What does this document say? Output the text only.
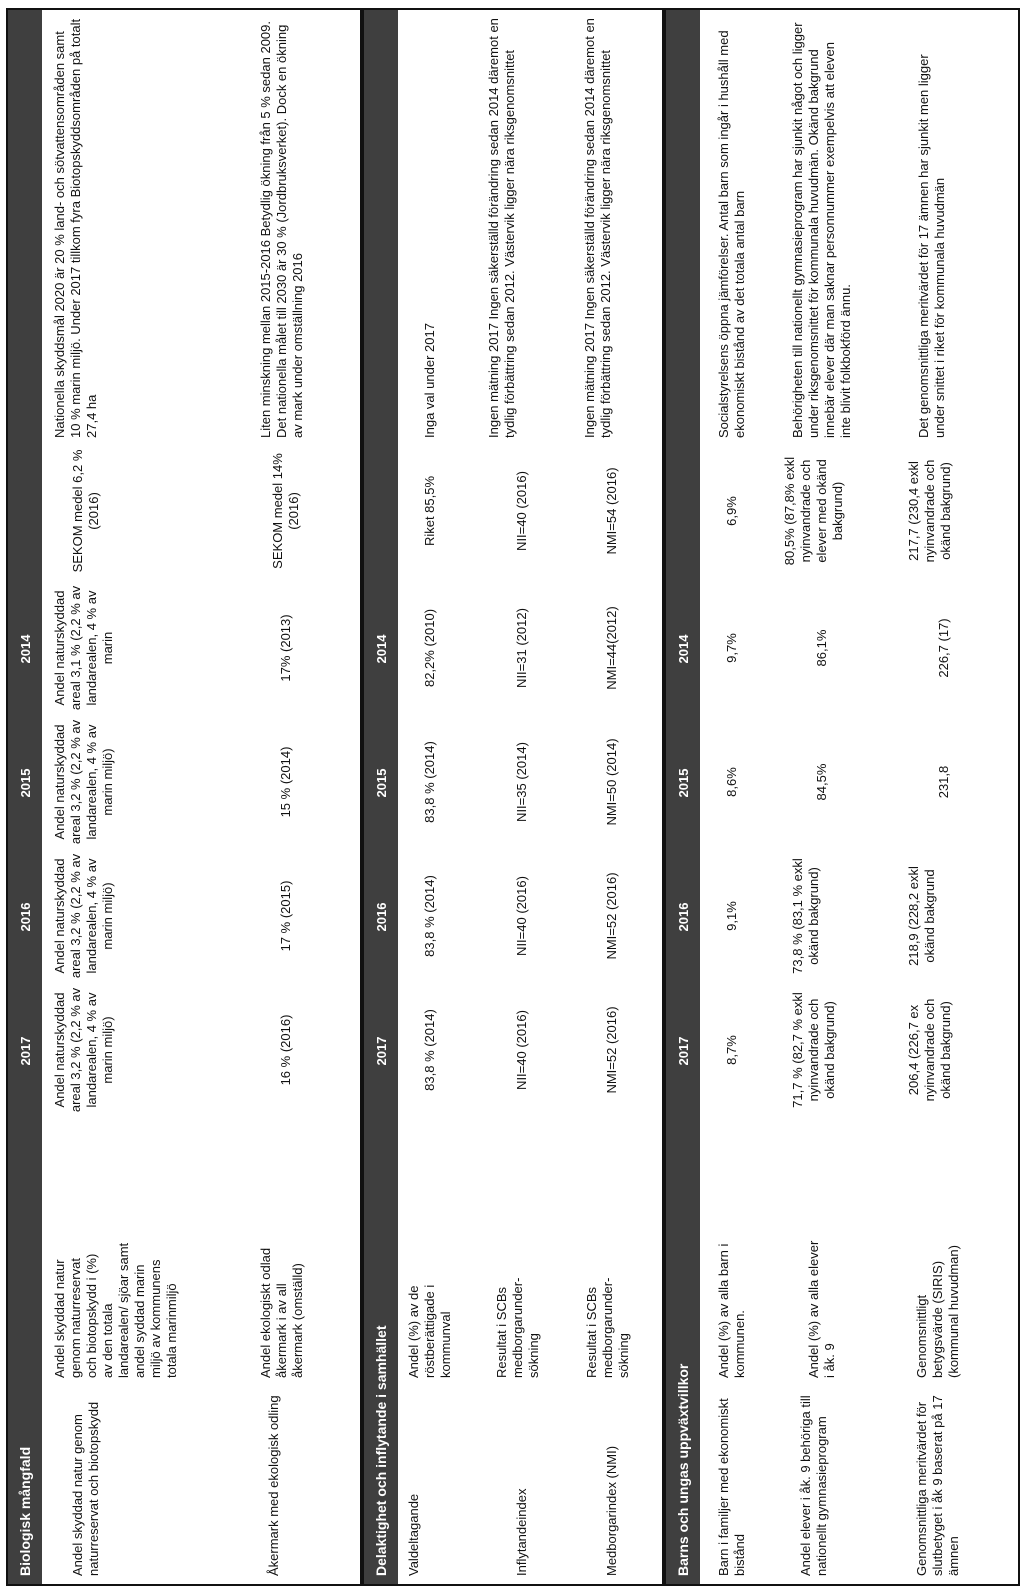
Biologisk mångfald
2017
2016
2015
2014
Andel skyddad natur genom naturreservat och biotopskydd
Andel skyddad natur genom naturreservat och biotopskydd i (%) av den totala landarealen/ sjöar samt andel syddad marin miljö av kommunens totala marinmiljö
Andel naturskyddad areal 3,2 % (2,2 % av landarealen, 4 % av marin miljö)
Andel naturskyddad areal 3,2 % (2,2 % av landarealen, 4 % av marin miljö)
Andel naturskyddad areal 3,2 % (2,2 % av landarealen, 4 % av marin miljö)
Andel naturskyddad areal 3,1 % (2,2 % av landarealen, 4 % av marin
SEKOM medel 6,2 % (2016)
Nationella skyddsmål 2020 är 20 % land- och sötvattensområden samt 10 % marin miljö. Under 2017 tillkom fyra Biotopskyddsområden på totalt 27,4 ha
Åkermark med ekologisk odling
Andel ekologiskt odlad åkermark i av all åkermark (omställd)
16 % (2016)
17 % (2015)
15 % (2014)
17% (2013)
SEKOM medel 14% (2016)
Liten minskning mellan 2015-2016 Betydlig ökning från 5 % sedan 2009. Det nationella målet till 2030 är 30 % (Jordbruksverket). Dock en ökning av mark under omställning 2016
Delaktighet och inflytande i samhället
2017
2016
2015
2014
Valdeltagande
Andel (%) av de röstberättigade i kommunval
83,8 % (2014)
83,8 % (2014)
83,8 % (2014)
82,2% (2010)
Riket 85,5%
Inga val under 2017
Inflytandeindex
Resultat i SCBs medborgarunder-sökning
NII=40 (2016)
NII=40 (2016)
NII=35 (2014)
NII=31 (2012)
NII=40 (2016)
Ingen mätning 2017 Ingen säkerställd förändring sedan 2014 däremot en tydlig förbättring sedan 2012. Västervik ligger nära riksgenomsnittet
Medborgarindex (NMI)
Resultat i SCBs medborgarunder-sökning
NMI=52 (2016)
NMI=52 (2016)
NMI=50 (2014)
NMI=44(2012)
NMI=54 (2016)
Ingen mätning 2017 Ingen säkerställd förändring sedan 2014 däremot en tydlig förbättring sedan 2012. Västervik ligger nära riksgenomsnittet
Barns och ungas uppväxtvillkor
2017
2016
2015
2014
Barn i familjer med ekonomiskt bistånd
Andel (%) av alla barn i kommunen.
8,7%
9,1%
8,6%
9,7%
6,9%
Socialstyrelsens öppna jämförelser. Antal barn som ingår i hushåll med ekonomiskt bistånd av det totala antal barn
Andel elever i åk. 9 behöriga till nationellt gymnasieprogram
Andel (%) av alla elever i åk. 9
71,7 % (82,7 % exkl nyinvandrade och okänd bakgrund)
73,8 % (83,1 % exkl okänd bakgrund)
84,5%
86,1%
80,5% (87,8% exkl nyinvandrade och elever med okänd bakgrund)
Behörigheten till nationellt gymnasieprogram har sjunkit något och ligger under riksgenomsnittet för kommunala huvudmän. Okänd bakgrund innebär elever där man saknar personnummer exempelvis att eleven inte blivit folkbokförd ännu.
Genomsnittliga meritvärdet för slutbetyget i åk 9 baserat på 17 ämnen
Genomsnittligt betygsvärde (SIRIS) (kommunal huvudman)
206,4 (226,7 ex nyinvandrade och okänd bakgrund)
218,9 (228,2 exkl okänd bakgrund
231,8
226,7 (17)
217,7 (230,4 exkl nyinvandrade och okänd bakgrund)
Det genomsnittliga meritvärdet för 17 ämnen har sjunkit men ligger under snittet i riket för kommunala huvudmän
